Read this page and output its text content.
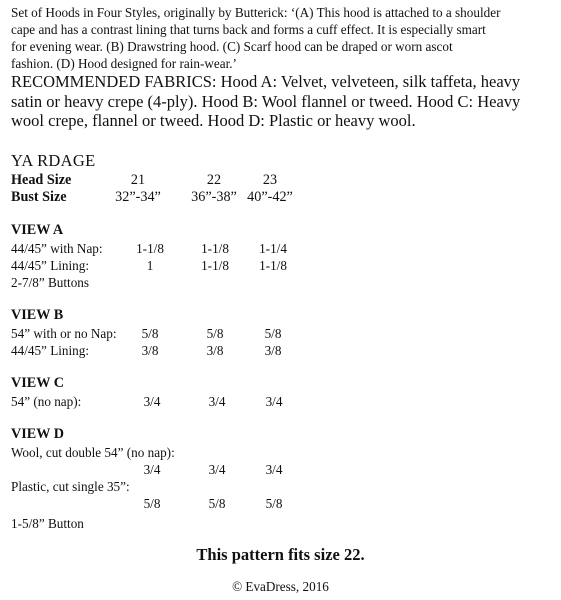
Set of Hoods in Four Styles, originally by Butterick: ‘(A) This hood is attached to a shoulder
cape and has a contrast lining that turns back and forms a cuff effect. It is especially smart
for evening wear. (B) Drawstring hood. (C) Scarf hood can be draped or worn ascot
fashion. (D) Hood designed for rain-wear.’
RECOMMENDED FABRICS: Hood A: Velvet, velveteen, silk taffeta, heavy
satin or heavy crepe (4-ply). Hood B: Wool flannel or tweed. Hood C: Heavy
wool crepe, flannel or tweed. Hood D: Plastic or heavy wool.
YA RDAGE
Head Size	21	22	23
Bust Size	32”-34”	36”-38” 40”-42”
VIEW A
44/45” with Nap:	1-1/8	1-1/8	1-1/4
44/45” Lining:	1	1-1/8	1-1/8
2-7/8” Buttons
VIEW B
54” with or no Nap:	5/8	5/8	5/8
44/45” Lining:	3/8	3/8	3/8
VIEW C
54” (no nap):	3/4	3/4	3/4
VIEW D
Wool, cut double 54” (no nap):
3/4	3/4	3/4
Plastic, cut single 35”:
5/8	5/8	5/8
1-5/8” Button
This pattern fits size 22.
© EvaDress, 2016
